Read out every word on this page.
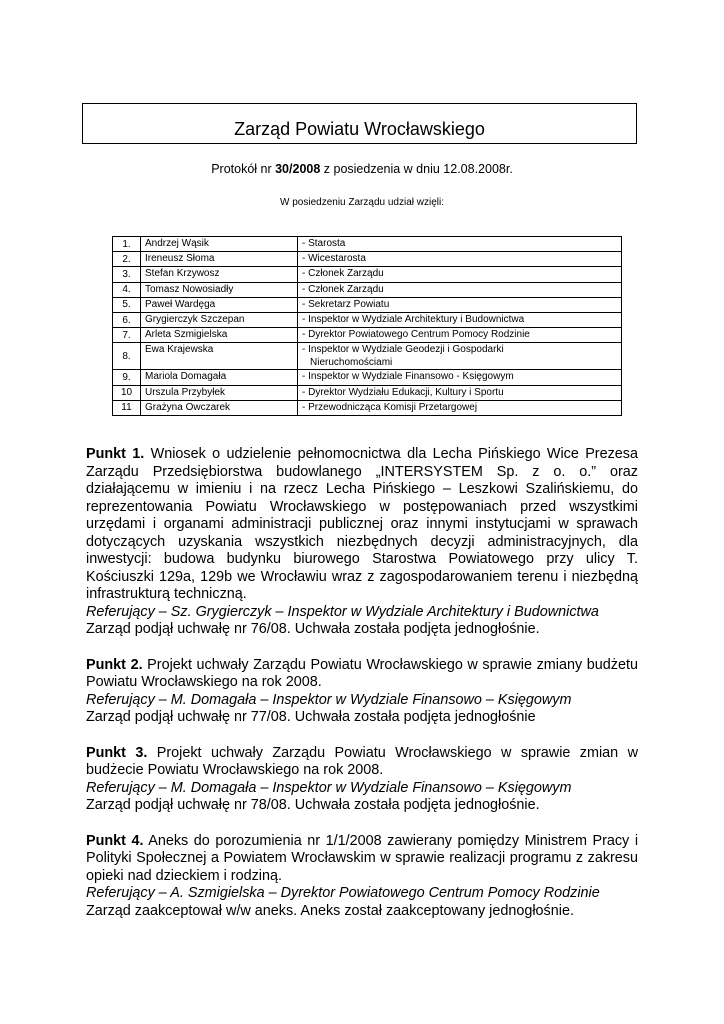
Zarząd Powiatu Wrocławskiego
Protokół nr 30/2008 z posiedzenia w dniu 12.08.2008r.
W posiedzeniu Zarządu udział wzięli:
1.	Andrzej Wąsik	- Starosta
2.	Ireneusz Słoma	- Wicestarosta
3.	Stefan Krzywosz	- Członek Zarządu
4.	Tomasz Nowosiadły	- Członek Zarządu
5.	Paweł Wardęga	- Sekretarz Powiatu
6.	Grygierczyk Szczepan	- Inspektor w Wydziale Architektury i Budownictwa
7.	Arleta Szmigielska	- Dyrektor Powiatowego Centrum Pomocy Rodzinie
8.	Ewa Krajewska	- Inspektor w Wydziale Geodezji i Gospodarki
Nieruchomościami

9.	Mariola Domagała	- Inspektor w Wydziale Finansowo - Księgowym
10	Urszula Przybyłek	- Dyrektor Wydziału Edukacji, Kultury i Sportu
11	Grażyna Owczarek	- Przewodnicząca Komisji Przetargowej
Punkt 1. Wniosek o udzielenie pełnomocnictwa dla Lecha Pińskiego Wice Prezesa Zarządu Przedsiębiorstwa budowlanego „INTERSYSTEM Sp. z o. o.” oraz działającemu w imieniu i na rzecz Lecha Pińskiego – Leszkowi Szalińskiemu, do reprezentowania Powiatu Wrocławskiego w postępowaniach przed wszystkimi urzędami i organami administracji publicznej oraz innymi instytucjami w sprawach dotyczących uzyskania wszystkich niezbędnych decyzji administracyjnych, dla inwestycji: budowa budynku biurowego Starostwa Powiatowego przy ulicy T. Kościuszki 129a, 129b we Wrocławiu wraz z zagospodarowaniem terenu i niezbędną infrastrukturą techniczną.

Referujący – Sz. Grygierczyk – Inspektor w Wydziale Architektury i Budownictwa

Zarząd podjął uchwałę nr 76/08. Uchwała została podjęta jednogłośnie.

Punkt 2. Projekt uchwały Zarządu Powiatu Wrocławskiego w sprawie zmiany budżetu Powiatu Wrocławskiego na rok 2008.

Referujący – M. Domagała – Inspektor w Wydziale Finansowo – Księgowym

Zarząd podjął uchwałę nr 77/08. Uchwała została podjęta jednogłośnie

Punkt 3. Projekt uchwały Zarządu Powiatu Wrocławskiego w sprawie zmian w budżecie Powiatu Wrocławskiego na rok 2008.

Referujący – M. Domagała – Inspektor w Wydziale Finansowo – Księgowym

Zarząd podjął uchwałę nr 78/08. Uchwała została podjęta jednogłośnie.

Punkt 4. Aneks do porozumienia nr 1/1/2008 zawierany pomiędzy Ministrem Pracy i Polityki Społecznej a Powiatem Wrocławskim w sprawie realizacji programu z zakresu opieki nad dzieckiem i rodziną.

Referujący – A. Szmigielska – Dyrektor Powiatowego Centrum Pomocy Rodzinie

Zarząd zaakceptował w/w aneks. Aneks został zaakceptowany jednogłośnie.
